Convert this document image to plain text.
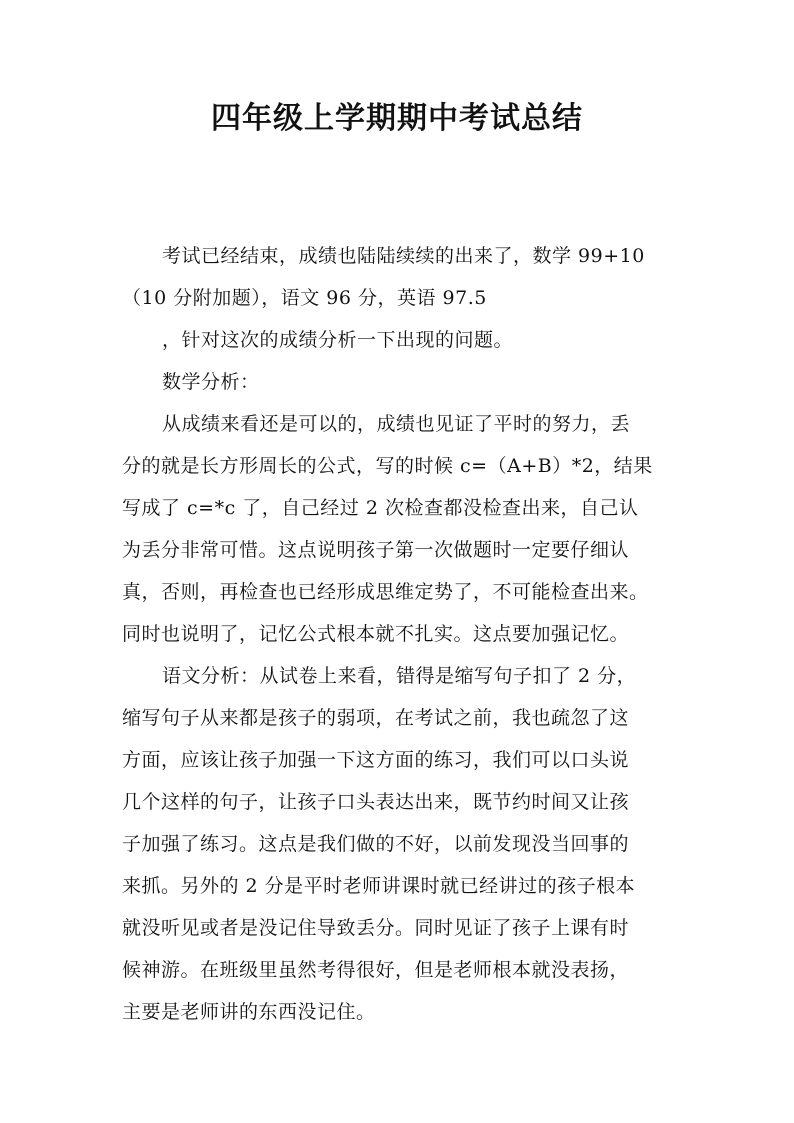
四年级上学期期中考试总结
考试已经结束，成绩也陆陆续续的出来了，数学 99+10
（10 分附加题），语文 96 分，英语 97.5
，针对这次的成绩分析一下出现的问题。
数学分析：
从成绩来看还是可以的，成绩也见证了平时的努力，丢
分的就是长方形周长的公式，写的时候 c=（A+B）*2，结果
写成了 c=*c 了，自己经过 2 次检查都没检查出来，自己认
为丢分非常可惜。这点说明孩子第一次做题时一定要仔细认
真，否则，再检查也已经形成思维定势了，不可能检查出来。
同时也说明了，记忆公式根本就不扎实。这点要加强记忆。
语文分析：从试卷上来看，错得是缩写句子扣了 2 分，
缩写句子从来都是孩子的弱项，在考试之前，我也疏忽了这
方面，应该让孩子加强一下这方面的练习，我们可以口头说
几个这样的句子，让孩子口头表达出来，既节约时间又让孩
子加强了练习。这点是我们做的不好，以前发现没当回事的
来抓。另外的 2 分是平时老师讲课时就已经讲过的孩子根本
就没听见或者是没记住导致丢分。同时见证了孩子上课有时
候神游。在班级里虽然考得很好，但是老师根本就没表扬，
主要是老师讲的东西没记住。
